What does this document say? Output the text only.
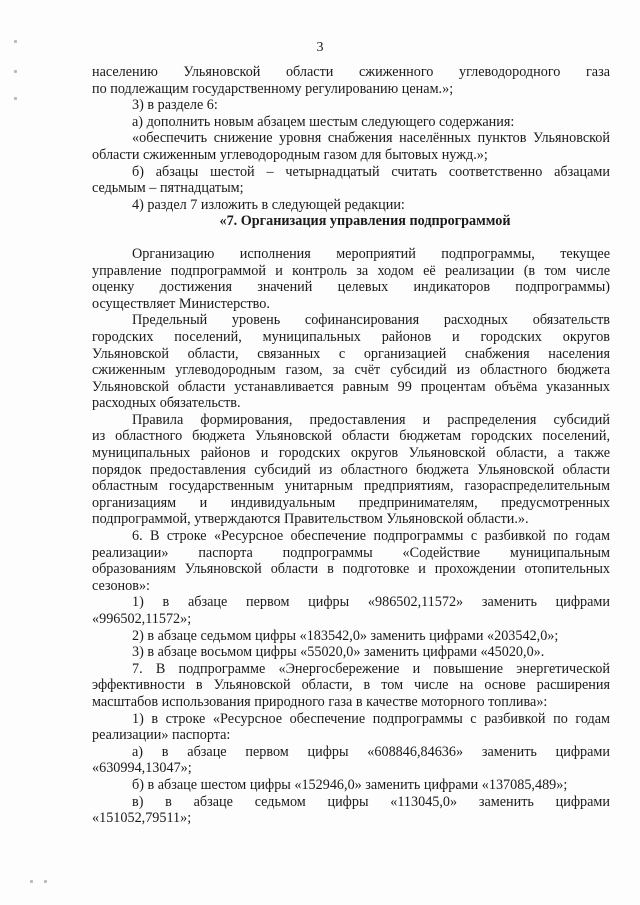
3

населению Ульяновской области сжиженного углеводородного газа

по подлежащим государственному регулированию ценам.»;

3) в разделе 6:

а) дополнить новым абзацем шестым следующего содержания:

«обеспечить снижение уровня снабжения населённых пунктов Ульяновской

области сжиженным углеводородным газом для бытовых нужд.»;

б) абзацы шестой – четырнадцатый считать соответственно абзацами

седьмым – пятнадцатым;

4) раздел 7 изложить в следующей редакции:

«7. Организация управления подпрограммой

Организацию исполнения мероприятий подпрограммы, текущее

управление подпрограммой и контроль за ходом её реализации (в том числе

оценку достижения значений целевых индикаторов подпрограммы)

осуществляет Министерство.

Предельный уровень софинансирования расходных обязательств

городских поселений, муниципальных районов и городских округов

Ульяновской области, связанных с организацией снабжения населения

сжиженным углеводородным газом, за счёт субсидий из областного бюджета

Ульяновской области устанавливается равным 99 процентам объёма указанных

расходных обязательств.

Правила формирования, предоставления и распределения субсидий

из областного бюджета Ульяновской области бюджетам городских поселений,

муниципальных районов и городских округов Ульяновской области, а также

порядок предоставления субсидий из областного бюджета Ульяновской области

областным государственным унитарным предприятиям, газораспределительным

организациям и индивидуальным предпринимателям, предусмотренных

подпрограммой, утверждаются Правительством Ульяновской области.».

6. В строке «Ресурсное обеспечение подпрограммы с разбивкой по годам

реализации» паспорта подпрограммы «Содействие муниципальным

образованиям Ульяновской области в подготовке и прохождении отопительных

сезонов»:

1) в абзаце первом цифры «986502,11572» заменить цифрами

«996502,11572»;

2) в абзаце седьмом цифры «183542,0» заменить цифрами «203542,0»;

3) в абзаце восьмом цифры «55020,0» заменить цифрами «45020,0».

7. В подпрограмме «Энергосбережение и повышение энергетической

эффективности в Ульяновской области, в том числе на основе расширения

масштабов использования природного газа в качестве моторного топлива»:

1) в строке «Ресурсное обеспечение подпрограммы с разбивкой по годам

реализации» паспорта:

а) в абзаце первом цифры «608846,84636» заменить цифрами

«630994,13047»;

б) в абзаце шестом цифры «152946,0» заменить цифрами «137085,489»;

в) в абзаце седьмом цифры «113045,0» заменить цифрами

«151052,79511»;
